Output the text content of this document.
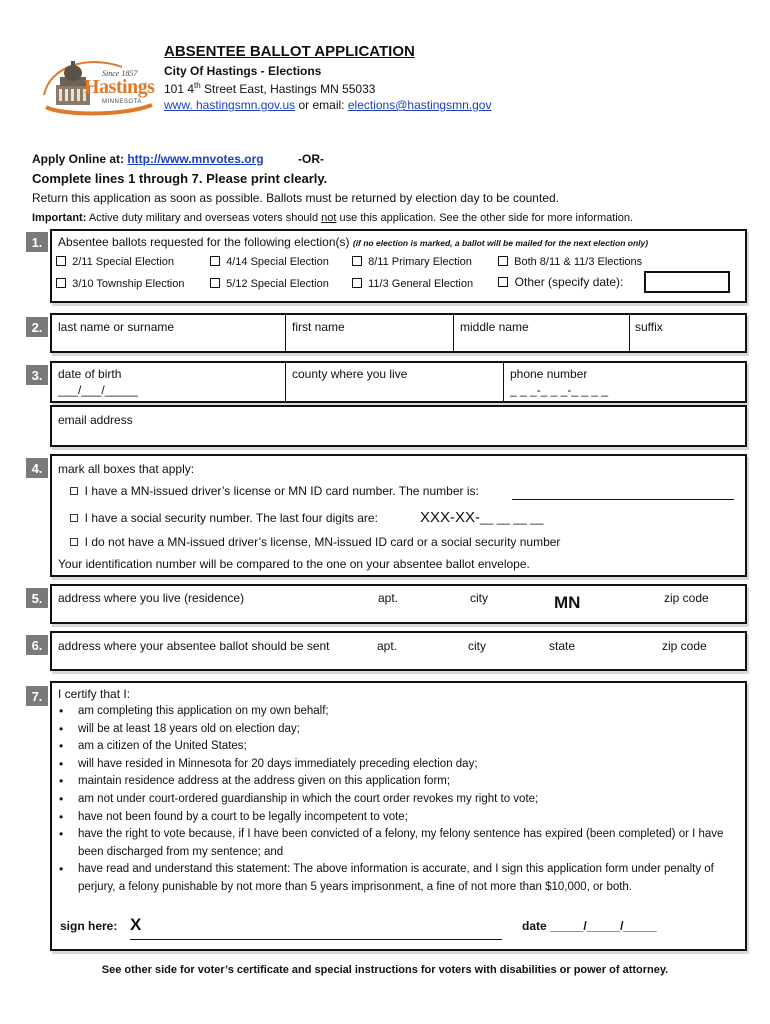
Since 1857
Hastings
MINNESOTA
ABSENTEE BALLOT APPLICATION
City Of Hastings - Elections
101 4th Street East, Hastings MN 55033
www. hastingsmn.gov.us or email: elections@hastingsmn.gov
Apply Online at: http://www.mnvotes.org	-OR-
Complete lines 1 through 7. Please print clearly.
Return this application as soon as possible. Ballots must be returned by election day to be counted.
Important: Active duty military and overseas voters should not use this application. See the other side for more information.
1.	Absentee ballots requested for the following election(s) (if no election is marked, a ballot will be mailed for the next election only)
2/11 Special Election	4/14 Special Election	8/11 Primary Election	Both 8/11 & 11/3 Elections
3/10 Township Election	5/12 Special Election	11/3 General Election	Other (specify date):
2.	last name or surname	first name	middle name	suffix
3.	date of birth
___/___/_____
county where you live	phone number
_ _ _-_ _ _-_ _ _ _
email address
4.	mark all boxes that apply:
I have a MN-issued driver’s license or MN ID card number. The number is:
I have a social security number. The last four digits are:	XXX-XX-__ __ __ __
I do not have a MN-issued driver’s license, MN-issued ID card or a social security number
Your identification number will be compared to the one on your absentee ballot envelope.
5.	address where you live (residence)	apt.	city	MN	zip code
6.	address where your absentee ballot should be sent	apt.	city	state	zip code
7.	I certify that I:
• am completing this application on my own behalf;
• will be at least 18 years old on election day;
• am a citizen of the United States;
• will have resided in Minnesota for 20 days immediately preceding election day;
• maintain residence address at the address given on this application form;
• am not under court-ordered guardianship in which the court order revokes my right to vote;
• have not been found by a court to be legally incompetent to vote;
• have the right to vote because, if I have been convicted of a felony, my felony sentence has expired (been completed) or I have been discharged from my sentence; and
• have read and understand this statement: The above information is accurate, and I sign this application form under penalty of perjury, a felony punishable by not more than 5 years imprisonment, a fine of not more than $10,000, or both.
sign here: X	date _____/_____/_____
See other side for voter’s certificate and special instructions for voters with disabilities or power of attorney.
